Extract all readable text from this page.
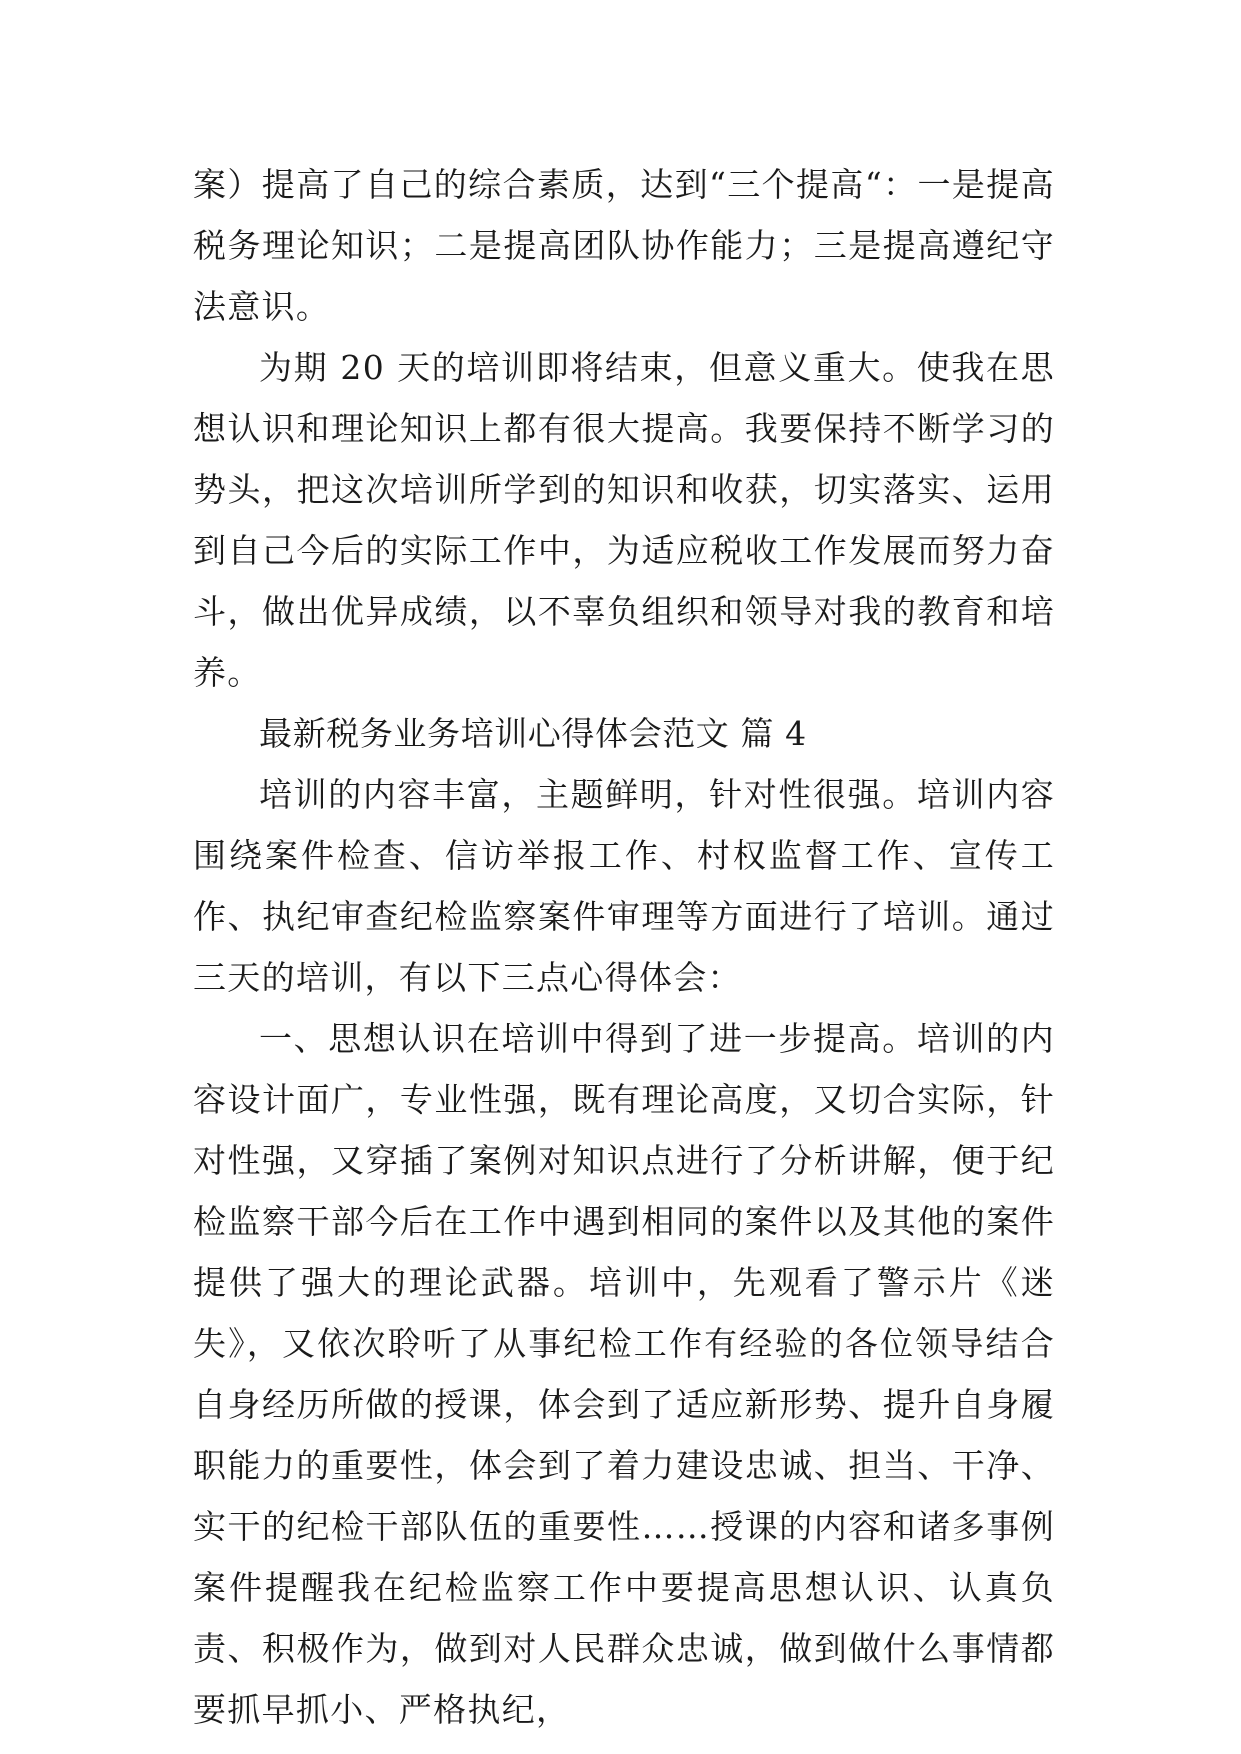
案）提高了自己的综合素质，达到“三个提高“：一是提高税务理论知识；二是提高团队协作能力；三是提高遵纪守法意识。

为期 20 天的培训即将结束，但意义重大。使我在思想认识和理论知识上都有很大提高。我要保持不断学习的势头，把这次培训所学到的知识和收获，切实落实、运用到自己今后的实际工作中，为适应税收工作发展而努力奋斗，做出优异成绩，以不辜负组织和领导对我的教育和培养。

最新税务业务培训心得体会范文 篇 4

培训的内容丰富，主题鲜明，针对性很强。培训内容围绕案件检查、信访举报工作、村权监督工作、宣传工作、执纪审查纪检监察案件审理等方面进行了培训。通过三天的培训，有以下三点心得体会：

一、思想认识在培训中得到了进一步提高。培训的内容设计面广，专业性强，既有理论高度，又切合实际，针对性强，又穿插了案例对知识点进行了分析讲解，便于纪检监察干部今后在工作中遇到相同的案件以及其他的案件提供了强大的理论武器。培训中，先观看了警示片《迷失》，又依次聆听了从事纪检工作有经验的各位领导结合自身经历所做的授课，体会到了适应新形势、提升自身履职能力的重要性，体会到了着力建设忠诚、担当、干净、实干的纪检干部队伍的重要性……授课的内容和诸多事例案件提醒我在纪检监察工作中要提高思想认识、认真负责、积极作为，做到对人民群众忠诚，做到做什么事情都要抓早抓小、严格执纪，
